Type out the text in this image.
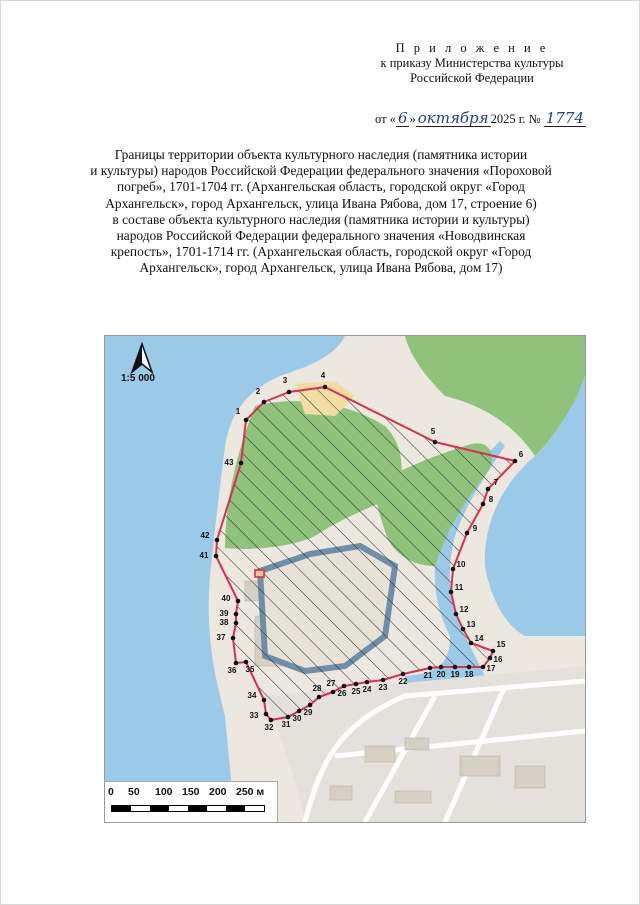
П р и л о ж е н и е
к приказу Министерства культуры
Российской Федерации
от « 6 » октября 2025 г. № 1774
Границы территории объекта культурного наследия (памятника истории
и культуры) народов Российской Федерации федерального значения «Пороховой
погреб», 1701-1704 гг. (Архангельская область, городской округ «Город
Архангельск», город Архангельск, улица Ивана Рябова, дом 17, строение 6)
в составе объекта культурного наследия (памятника истории и культуры)
народов Российской Федерации федерального значения «Новодвинская
крепость», 1701-1714 гг. (Архангельская область, городской округ «Город
Архангельск», город Архангельск, улица Ивана Рябова, дом 17)
1
2
3
4
5
6
7
8
9
10
11
12
13
14
15
16
17
18
19
20
21
22
23
24
25
26
27
28
29
30
31
32
33
34
35
36
37
38
39
40
41
42
43
1:5 000
0 50 100 150 200 250 м
